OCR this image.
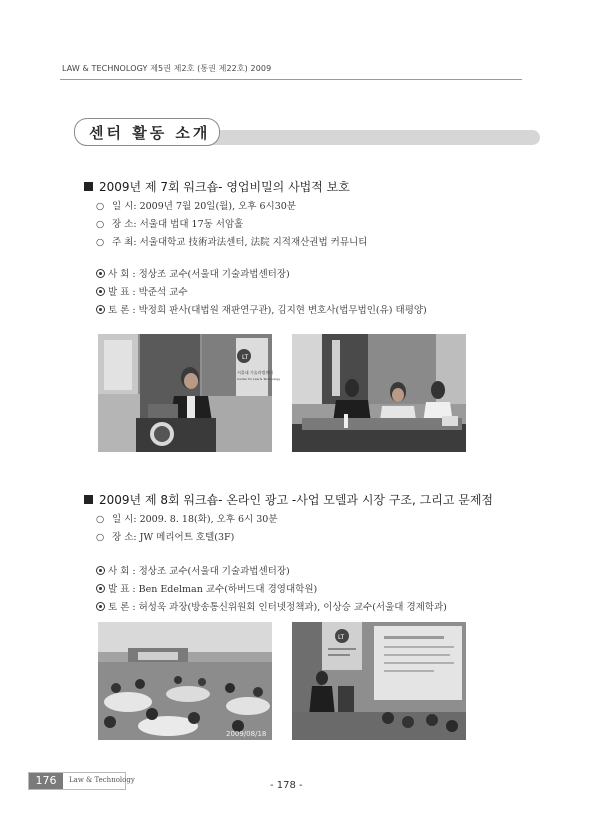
LAW & TECHNOLOGY 제5권 제2호 (통권 제22호) 2009
센터 활동 소개
2009년 제 7회 워크숍- 영업비밀의 사법적 보호
○ 일 시: 2009년 7월 20일(월), 오후 6시30분
○ 장 소: 서울대 법대 17동 서암홀
○ 주 최: 서울대학교 技術과法센터, 法院 지적재산권법 커뮤니티
사 회 : 정상조 교수(서울대 기술과법센터장)
발 표 : 박준석 교수
토 론 : 박정희 판사(대법원 재판연구관), 김지현 변호사(법무법인(유) 태평양)
LT
서울대 기술과법센터
Center for Law & Technology
2009년 제 8회 워크숍- 온라인 광고 -사업 모델과 시장 구조, 그리고 문제점
○ 일 시: 2009. 8. 18(화), 오후 6시 30분
○ 장 소: JW 메리어트 호텔(3F)
사 회 : 정상조 교수(서울대 기술과법센터장)
발 표 : Ben Edelman 교수(하버드대 경영대학원)
토 론 : 허성욱 과장(방송통신위원회 인터넷정책과), 이상승 교수(서울대 경제학과)
2009/08/18
LT
176	Law & Technology	- 178 -
